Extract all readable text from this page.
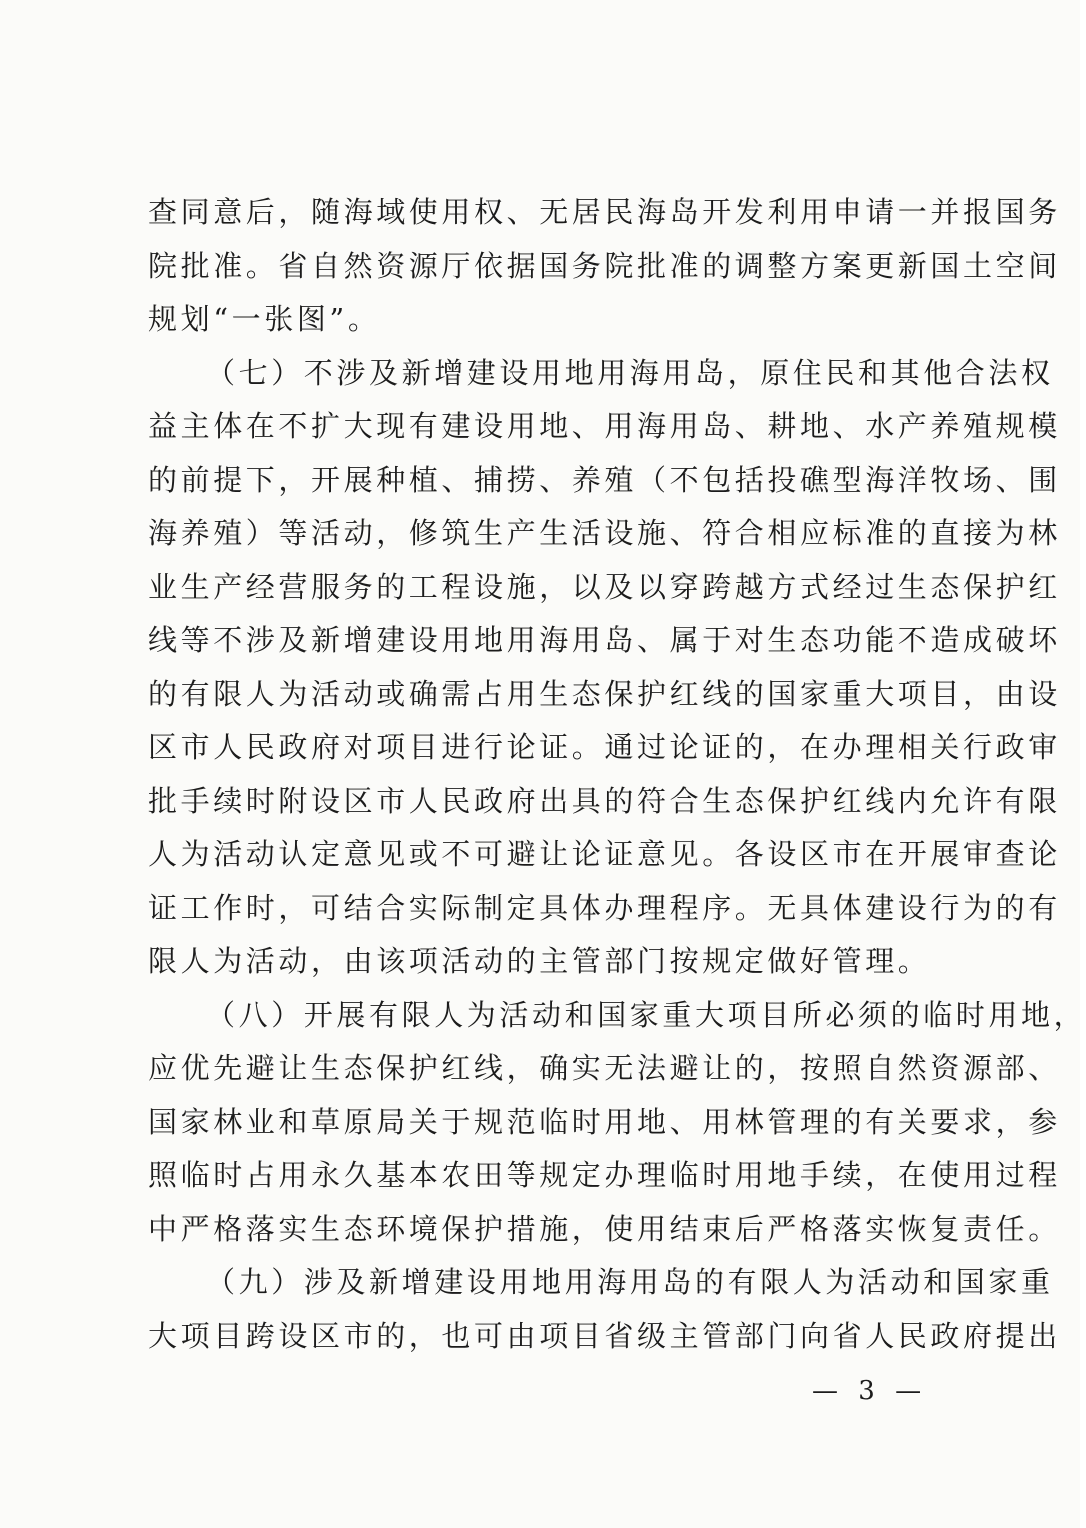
查同意后，随海域使用权、无居民海岛开发利用申请一并报国务
院批准。省自然资源厅依据国务院批准的调整方案更新国土空间
规划“一张图”。
（七）不涉及新增建设用地用海用岛，原住民和其他合法权
益主体在不扩大现有建设用地、用海用岛、耕地、水产养殖规模
的前提下，开展种植、捕捞、养殖（不包括投礁型海洋牧场、围
海养殖）等活动，修筑生产生活设施、符合相应标准的直接为林
业生产经营服务的工程设施，以及以穿跨越方式经过生态保护红
线等不涉及新增建设用地用海用岛、属于对生态功能不造成破坏
的有限人为活动或确需占用生态保护红线的国家重大项目，由设
区市人民政府对项目进行论证。通过论证的，在办理相关行政审
批手续时附设区市人民政府出具的符合生态保护红线内允许有限
人为活动认定意见或不可避让论证意见。各设区市在开展审查论
证工作时，可结合实际制定具体办理程序。无具体建设行为的有
限人为活动，由该项活动的主管部门按规定做好管理。
（八）开展有限人为活动和国家重大项目所必须的临时用地，
应优先避让生态保护红线，确实无法避让的，按照自然资源部、
国家林业和草原局关于规范临时用地、用林管理的有关要求，参
照临时占用永久基本农田等规定办理临时用地手续，在使用过程
中严格落实生态环境保护措施，使用结束后严格落实恢复责任。
（九）涉及新增建设用地用海用岛的有限人为活动和国家重
大项目跨设区市的，也可由项目省级主管部门向省人民政府提出
— 3 —
